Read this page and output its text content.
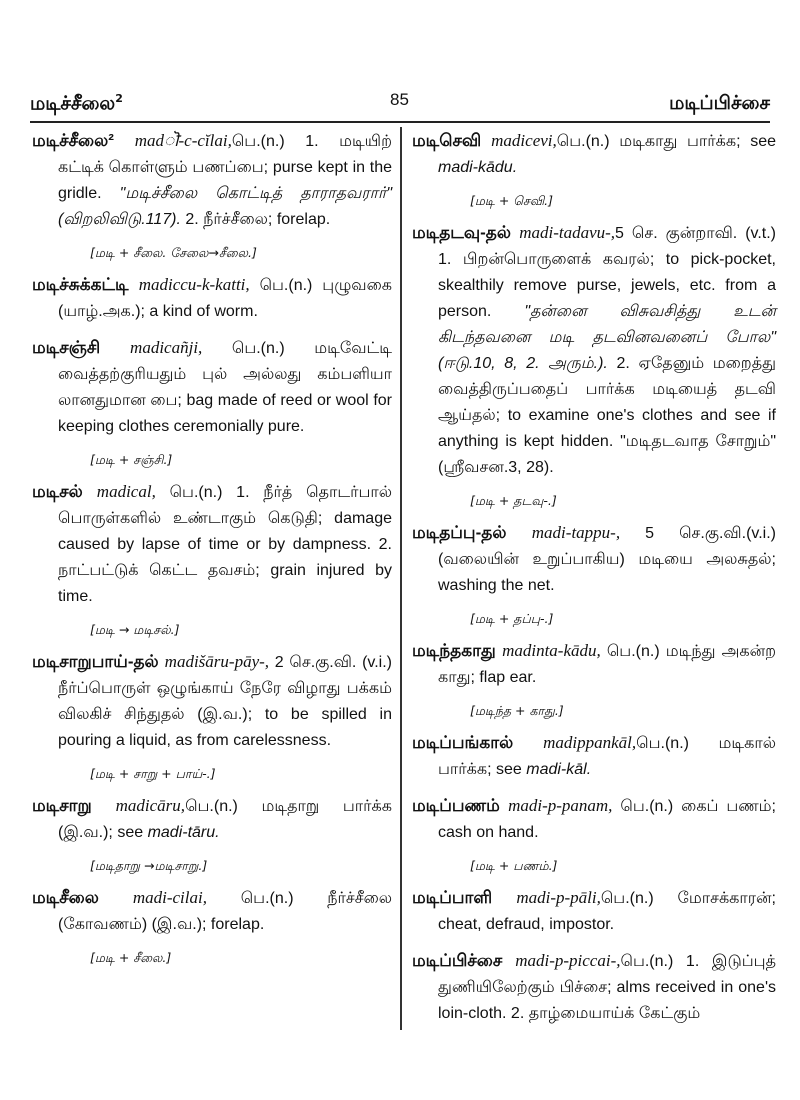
மடிச்சீலை$^2$	85	மடிப்பிச்சை
மடிச்சீலை² madॊ-c-cĭlai,பெ.(n.) 1. மடியிற் கட்டிக் கொள்ளும் பணப்பை; purse kept in the gridle. "மடிச்சீலை கொட்டித் தாராதவரார்" (விறலிவிடு.117). 2. நீர்ச்சீலை; forelap.
[மடி + சீலை. சேலை→சீலை.]
மடிச்சுக்கட்டி madiccu-k-katti, பெ.(n.) புழுவகை (யாழ்.அக.); a kind of worm.
மடிசஞ்சி madicañji, பெ.(n.) மடிவேட்டி வைத்தற்குரியதும் புல் அல்லது கம்பளியா லானதுமான பை; bag made of reed or wool for keeping clothes ceremonially pure.
[மடி + சஞ்சி.]
மடிசல் madical, பெ.(n.) 1. நீர்த் தொடர்பால் பொருள்களில் உண்டாகும் கெடுதி; damage caused by lapse of time or by dampness. 2. நாட்பட்டுக் கெட்ட தவசம்; grain injured by time.
[மடி → மடிசல்.]
மடிசாறுபாய்-தல் madišāru-pāy-, 2 செ.கு.வி. (v.i.) நீர்ப்பொருள் ஒழுங்காய் நேரே விழாது பக்கம் விலகிச் சிந்துதல் (இ.வ.); to be spilled in pouring a liquid, as from carelessness.
[மடி + சாறு + பாய்-.]
மடிசாறு madicāru,பெ.(n.) மடிதாறு பார்க்க (இ.வ.); see madi-tāru.
[மடிதாறு →மடிசாறு.]
மடிசீலை madi-cilai, பெ.(n.) நீர்ச்சீலை (கோவணம்) (இ.வ.); forelap.
[மடி + சீலை.]
மடிசெவி madicevi,பெ.(n.) மடிகாது பார்க்க; see madi-kādu.
[மடி + செவி.]
மடிதடவு-தல் madi-tadavu-,5 செ. குன்றாவி. (v.t.) 1. பிறன்பொருளைக் கவரல்; to pick-pocket, skealthily remove purse, jewels, etc. from a person. "தன்னை விசுவசித்து உடன் கிடந்தவனை மடி தடவினவனைப் போல" (ஈடு.10, 8, 2. அரும்.). 2. ஏதேனும் மறைத்து வைத்திருப்பதைப் பார்க்க மடியைத் தடவி ஆய்தல்; to examine one's clothes and see if anything is kept hidden. "மடிதடவாத சோறும்" (ஸ்ரீவசன.3, 28).
[மடி + தடவு-.]
மடிதப்பு-தல் madi-tappu-, 5 செ.கு.வி.(v.i.) (வலையின் உறுப்பாகிய) மடியை அலசுதல்; washing the net.
[மடி + தப்பு-.]
மடிந்தகாது madinta-kādu, பெ.(n.) மடிந்து அகன்ற காது; flap ear.
[மடிந்த + காது.]
மடிப்பங்கால் madippankāl,பெ.(n.) மடிகால் பார்க்க; see madi-kāl.
மடிப்பணம் madi-p-panam, பெ.(n.) கைப் பணம்; cash on hand.
[மடி + பணம்.]
மடிப்பாளி madi-p-pāli,பெ.(n.) மோசக்காரன்; cheat, defraud, impostor.
மடிப்பிச்சை madi-p-piccai-,பெ.(n.) 1. இடுப்புத் துணியிலேற்கும் பிச்சை; alms received in one's loin-cloth. 2. தாழ்மையாய்க் கேட்கும்
